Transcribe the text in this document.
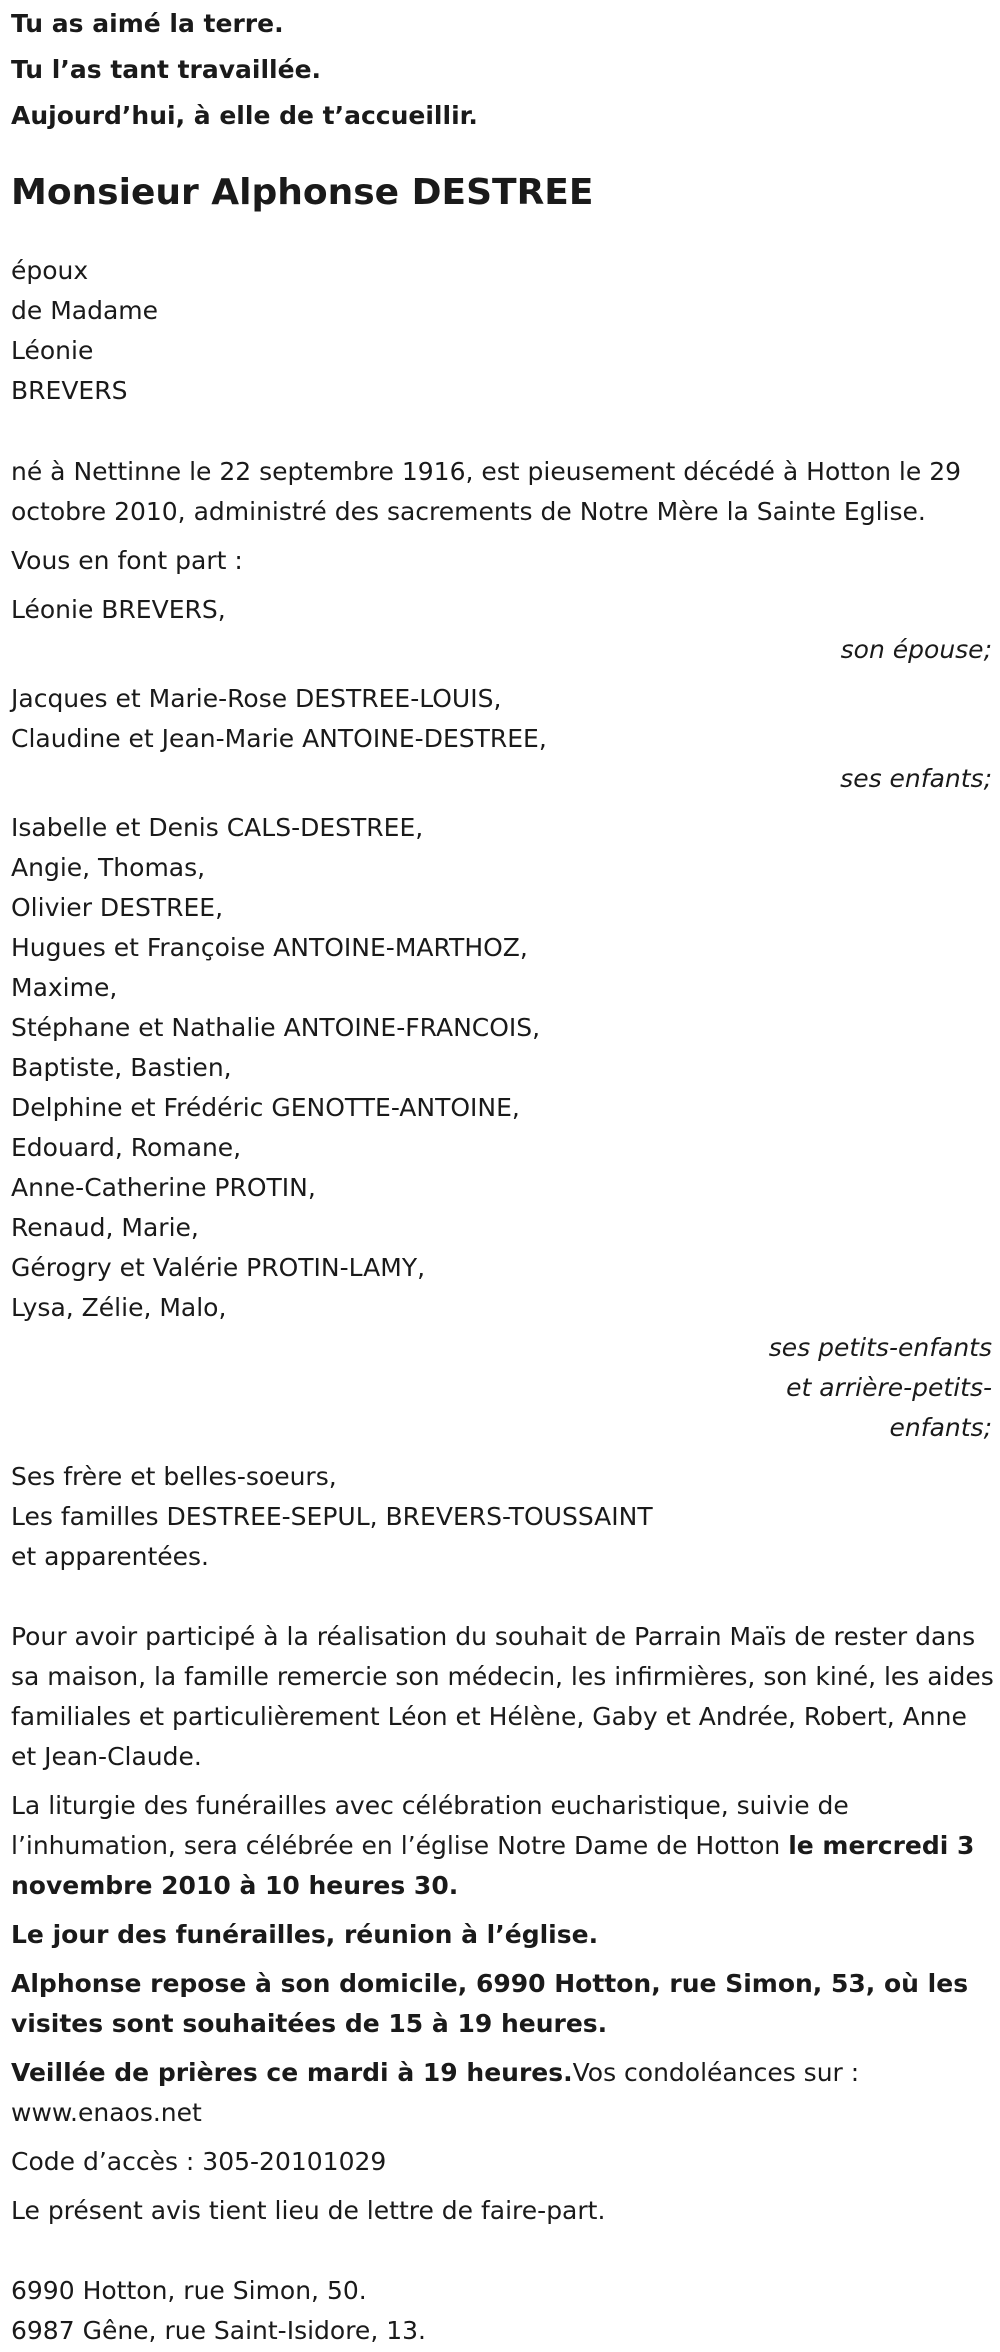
Tu as aimé la terre.

Tu l’as tant travaillée.

Aujourd’hui, à elle de t’accueillir.

Monsieur Alphonse DESTREE
époux
de Madame
Léonie
BREVERS
né à Nettinne le 22 septembre 1916, est pieusement décédé à Hotton le 29 octobre 2010, administré des sacrements de Notre Mère la Sainte Eglise.
Vous en font part :
Léonie BREVERS,
son épouse;
Jacques et Marie-Rose DESTREE-LOUIS,
Claudine et Jean-Marie ANTOINE-DESTREE,
ses enfants;
Isabelle et Denis CALS-DESTREE,
Angie, Thomas,
Olivier DESTREE,
Hugues et Françoise ANTOINE-MARTHOZ,
Maxime,
Stéphane et Nathalie ANTOINE-FRANCOIS,
Baptiste, Bastien,
Delphine et Frédéric GENOTTE-ANTOINE,
Edouard, Romane,
Anne-Catherine PROTIN,
Renaud, Marie,
Gérogry et Valérie PROTIN-LAMY,
Lysa, Zélie, Malo,
ses petits-enfants
et arrière-petits-
enfants;
Ses frère et belles-soeurs,
Les familles DESTREE-SEPUL, BREVERS-TOUSSAINT
et apparentées.
Pour avoir participé à la réalisation du souhait de Parrain Maïs de rester dans sa maison, la famille remercie son médecin, les infirmières, son kiné, les aides familiales et particulièrement Léon et Hélène, Gaby et Andrée, Robert, Anne et Jean-Claude.
La liturgie des funérailles avec célébration eucharistique, suivie de l’inhumation, sera célébrée en l’église Notre Dame de Hotton le mercredi 3 novembre 2010 à 10 heures 30.
Le jour des funérailles, réunion à l’église.
Alphonse repose à son domicile, 6990 Hotton, rue Simon, 53, où les visites sont souhaitées de 15 à 19 heures.
Veillée de prières ce mardi à 19 heures.Vos condoléances sur : www.enaos.net
Code d’accès : 305-20101029
Le présent avis tient lieu de lettre de faire-part.
6990 Hotton, rue Simon, 50.
6987 Gêne, rue Saint-Isidore, 13.
